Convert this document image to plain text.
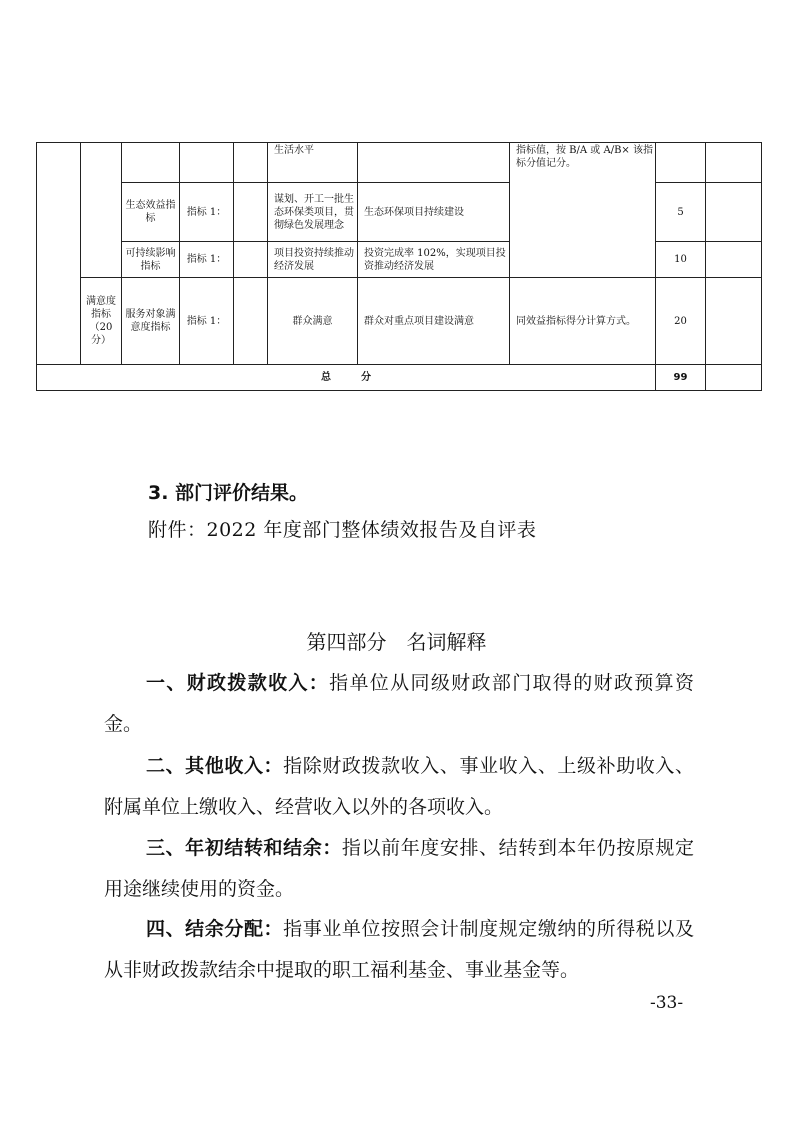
					生活水平		指标值，按 B/A 或 A/B× 该指标分值记分。		
		生态效益指标	指标 1：		谋划、开工一批生态环保类项目，贯彻绿色发展理念	生态环保项目持续建设		5	
		可持续影响指标	指标 1：		项目投资持续推动经济发展	投资完成率 102%，实现项目投资推动经济发展		10	
	满意度指标（20分）	服务对象满意度指标	指标 1：		群众满意	群众对重点项目建设满意	同效益指标得分计算方式。	20	
总　　　分								99	
3. 部门评价结果。
附件：2022 年度部门整体绩效报告及自评表
第四部分　名词解释

一、财政拨款收入：指单位从同级财政部门取得的财政预算资金。

二、其他收入：指除财政拨款收入、事业收入、上级补助收入、附属单位上缴收入、经营收入以外的各项收入。

三、年初结转和结余：指以前年度安排、结转到本年仍按原规定用途继续使用的资金。

四、结余分配：指事业单位按照会计制度规定缴纳的所得税以及从非财政拨款结余中提取的职工福利基金、事业基金等。

-33-
